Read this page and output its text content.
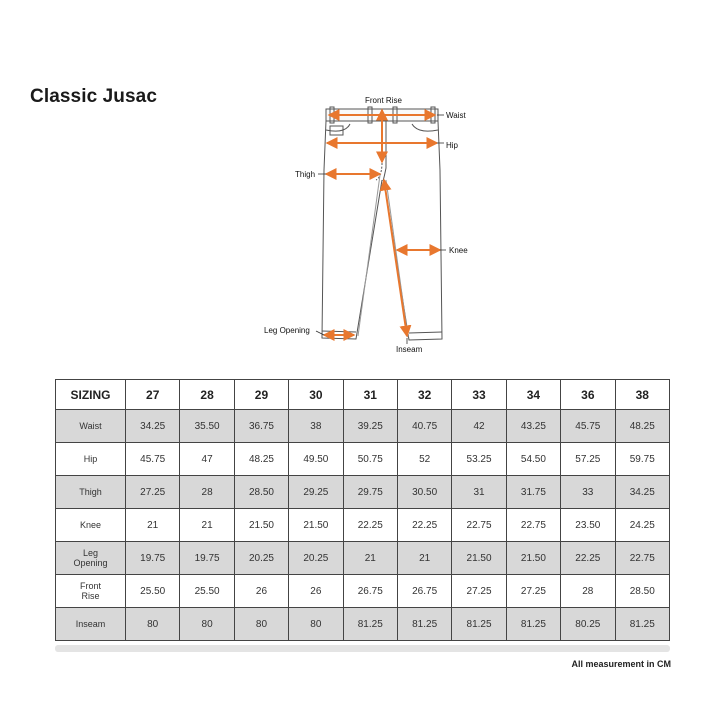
Classic Jusac	Front Rise
Waist
Hip
Thigh
Knee
Leg Opening
Inseam
SIZING	27	28	29	30	31	32	33	34	36	38
Waist	34.25	35.50	36.75	38	39.25	40.75	42	43.25	45.75	48.25
Hip	45.75	47	48.25	49.50	50.75	52	53.25	54.50	57.25	59.75
Thigh	27.25	28	28.50	29.25	29.75	30.50	31	31.75	33	34.25
Knee	21	21	21.50	21.50	22.25	22.25	22.75	22.75	23.50	24.25
Leg
Opening	19.75	19.75	20.25	20.25	21	21	21.50	21.50	22.25	22.75
Front
Rise	25.50	25.50	26	26	26.75	26.75	27.25	27.25	28	28.50
Inseam	80	80	80	80	81.25	81.25	81.25	81.25	80.25	81.25
All measurement in CM
